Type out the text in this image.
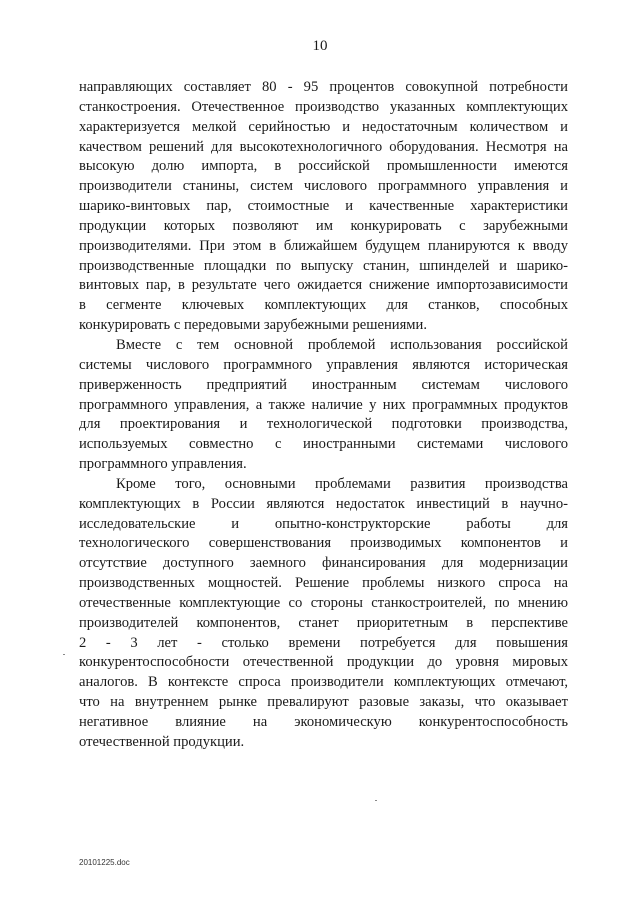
10
направляющих составляет 80 - 95 процентов совокупной потребности
станкостроения. Отечественное производство указанных комплектующих
характеризуется мелкой серийностью и недостаточным количеством и
качеством решений для высокотехнологичного оборудования. Несмотря на
высокую долю импорта, в российской промышленности имеются
производители станины, систем числового программного управления и
шарико-винтовых пар, стоимостные и качественные характеристики
продукции которых позволяют им конкурировать с зарубежными
производителями. При этом в ближайшем будущем планируются к вводу
производственные площадки по выпуску станин, шпинделей и шарико-
винтовых пар, в результате чего ожидается снижение импортозависимости
в сегменте ключевых комплектующих для станков, способных
конкурировать с передовыми зарубежными решениями.
Вместе с тем основной проблемой использования российской
системы числового программного управления являются историческая
приверженность предприятий иностранным системам числового
программного управления, а также наличие у них программных продуктов
для проектирования и технологической подготовки производства,
используемых совместно с иностранными системами числового
программного управления.
Кроме того, основными проблемами развития производства
комплектующих в России являются недостаток инвестиций в научно-
исследовательские и опытно-конструкторские работы для
технологического совершенствования производимых компонентов и
отсутствие доступного заемного финансирования для модернизации
производственных мощностей. Решение проблемы низкого спроса на
отечественные комплектующие со стороны станкостроителей, по мнению
производителей компонентов, станет приоритетным в перспективе
2 - 3 лет - столько времени потребуется для повышения
конкурентоспособности отечественной продукции до уровня мировых
аналогов. В контексте спроса производители комплектующих отмечают,
что на внутреннем рынке превалируют разовые заказы, что оказывает
негативное влияние на экономическую конкурентоспособность
отечественной продукции.
20101225.doc
